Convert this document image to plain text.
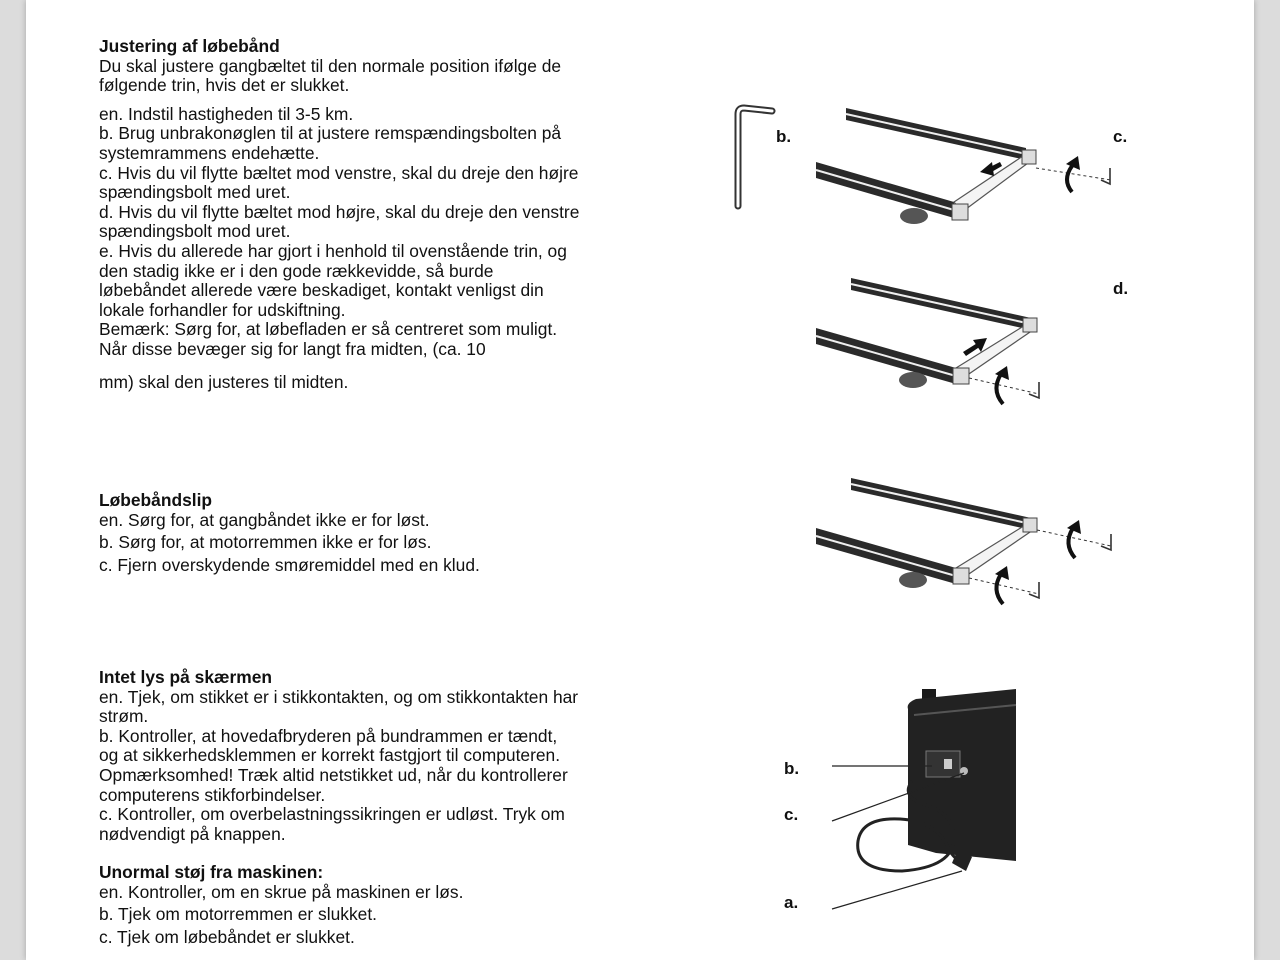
Justering af løbebånd

Du skal justere gangbæltet til den normale position ifølge de

følgende trin, hvis det er slukket.

en. Indstil hastigheden til 3-5 km.

b. Brug unbrakonøglen til at justere remspændingsbolten på

systemrammens endehætte.

c. Hvis du vil flytte bæltet mod venstre, skal du dreje den højre

spændingsbolt med uret.

d. Hvis du vil flytte bæltet mod højre, skal du dreje den venstre

spændingsbolt mod uret.

e. Hvis du allerede har gjort i henhold til ovenstående trin, og

den stadig ikke er i den gode rækkevidde, så burde

løbebåndet allerede være beskadiget, kontakt venligst din

lokale forhandler for udskiftning.

Bemærk: Sørg for, at løbefladen er så centreret som muligt.

Når disse bevæger sig for langt fra midten, (ca. 10

mm) skal den justeres til midten.

Løbebåndslip

en. Sørg for, at gangbåndet ikke er for løst.

b. Sørg for, at motorremmen ikke er for løs.

c. Fjern overskydende smøremiddel med en klud.

Intet lys på skærmen

en. Tjek, om stikket er i stikkontakten, og om stikkontakten har

strøm.

b. Kontroller, at hovedafbryderen på bundrammen er tændt,

og at sikkerhedsklemmen er korrekt fastgjort til computeren.

Opmærksomhed! Træk altid netstikket ud, når du kontrollerer

computerens stikforbindelser.

c. Kontroller, om overbelastningssikringen er udløst. Tryk om

nødvendigt på knappen.

Unormal støj fra maskinen:

en. Kontroller, om en skrue på maskinen er løs.

b. Tjek om motorremmen er slukket.

c. Tjek om løbebåndet er slukket.

b.	c.
d.
b.
c.
a.
